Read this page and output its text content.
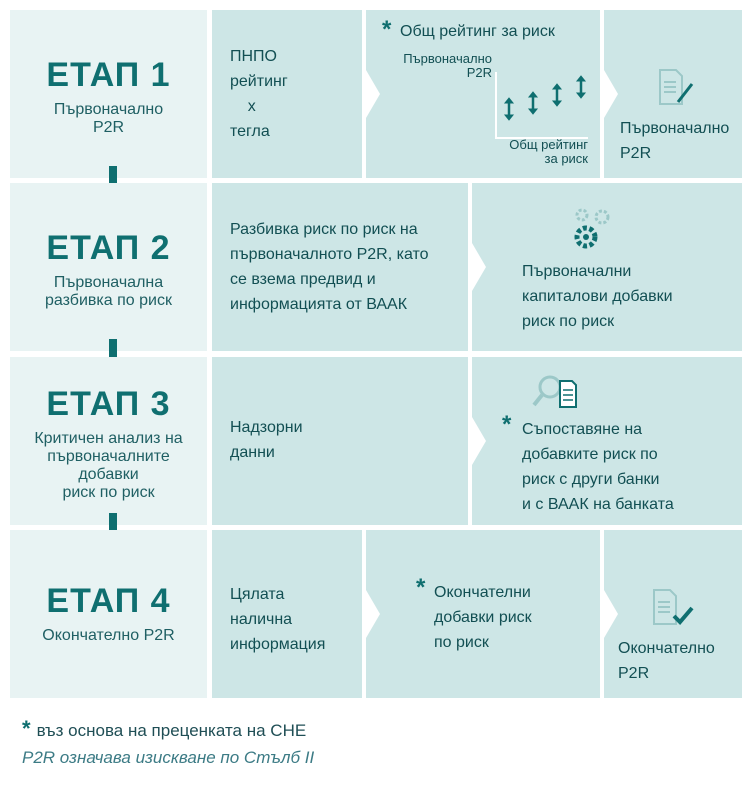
ЕТАП 1
Първоначално
P2R
ПНПО
рейтинг
x
тегла
* Общ рейтинг за риск
Първоначално
P2R
Общ рейтинг
за риск
Първоначално
P2R
ЕТАП 2
Първоначална
разбивка по риск
Разбивка риск по риск на
първоначалното P2R, като
се взема предвид и
информацията от ВААК
Първоначални
капиталови добавки
риск по риск
ЕТАП 3
Критичен анализ на
първоначалните
добавки
риск по риск
Надзорни
данни
* Съпоставяне на
добавките риск по
риск с други банки
и с ВААК на банката
ЕТАП 4
Окончателно P2R
Цялата
налична
информация
* Окончателни
добавки риск
по риск	Окончателно
P2R
* въз основа на преценката на СНЕ
P2R означава изискване по Стълб II
